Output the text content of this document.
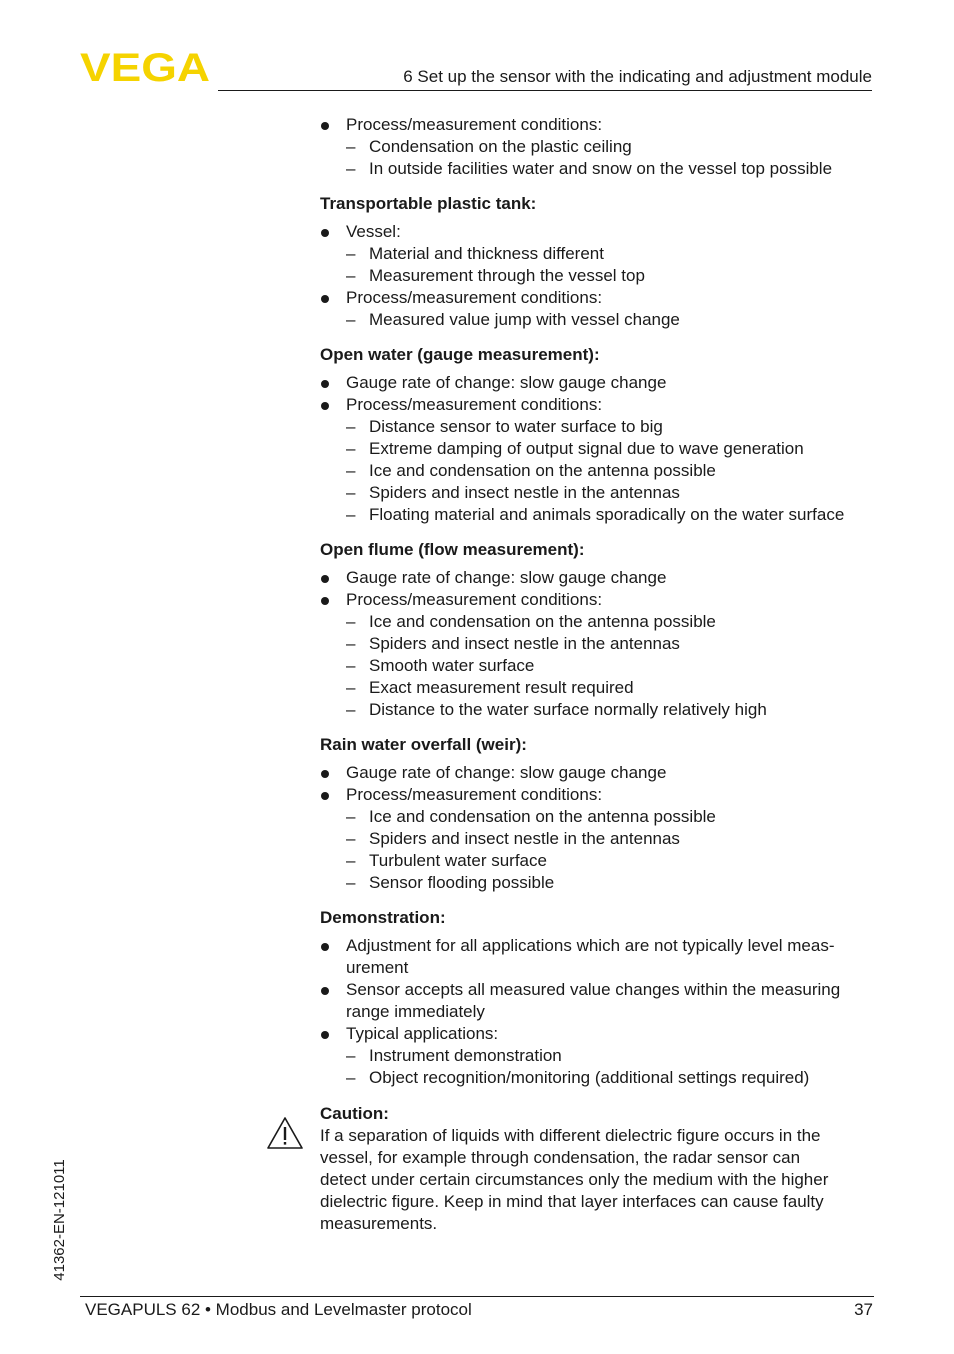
VEGA	6 Set up the sensor with the indicating and adjustment module
Process/measurement conditions:
– Condensation on the plastic ceiling
– In outside facilities water and snow on the vessel top possible
Transportable plastic tank:
Vessel:
– Material and thickness different
– Measurement through the vessel top
Process/measurement conditions:
– Measured value jump with vessel change
Open water (gauge measurement):
Gauge rate of change: slow gauge change
Process/measurement conditions:
– Distance sensor to water surface to big
– Extreme damping of output signal due to wave generation
– Ice and condensation on the antenna possible
– Spiders and insect nestle in the antennas
– Floating material and animals sporadically on the water surface
Open flume (flow measurement):
Gauge rate of change: slow gauge change
Process/measurement conditions:
– Ice and condensation on the antenna possible
– Spiders and insect nestle in the antennas
– Smooth water surface
– Exact measurement result required
– Distance to the water surface normally relatively high
Rain water overfall (weir):
Gauge rate of change: slow gauge change
Process/measurement conditions:
– Ice and condensation on the antenna possible
– Spiders and insect nestle in the antennas
– Turbulent water surface
– Sensor flooding possible
Demonstration:
Adjustment for all applications which are not typically level meas-
urement
Sensor accepts all measured value changes within the measuring
range immediately
Typical applications:
– Instrument demonstration
– Object recognition/monitoring (additional settings required)
Caution:
If a separation of liquids with different dielectric figure occurs in the
vessel, for example through condensation, the radar sensor can
detect under certain circumstances only the medium with the higher
dielectric figure. Keep in mind that layer interfaces can cause faulty
measurements.
41362-EN-121011
VEGAPULS 62 • Modbus and Levelmaster protocol	37
